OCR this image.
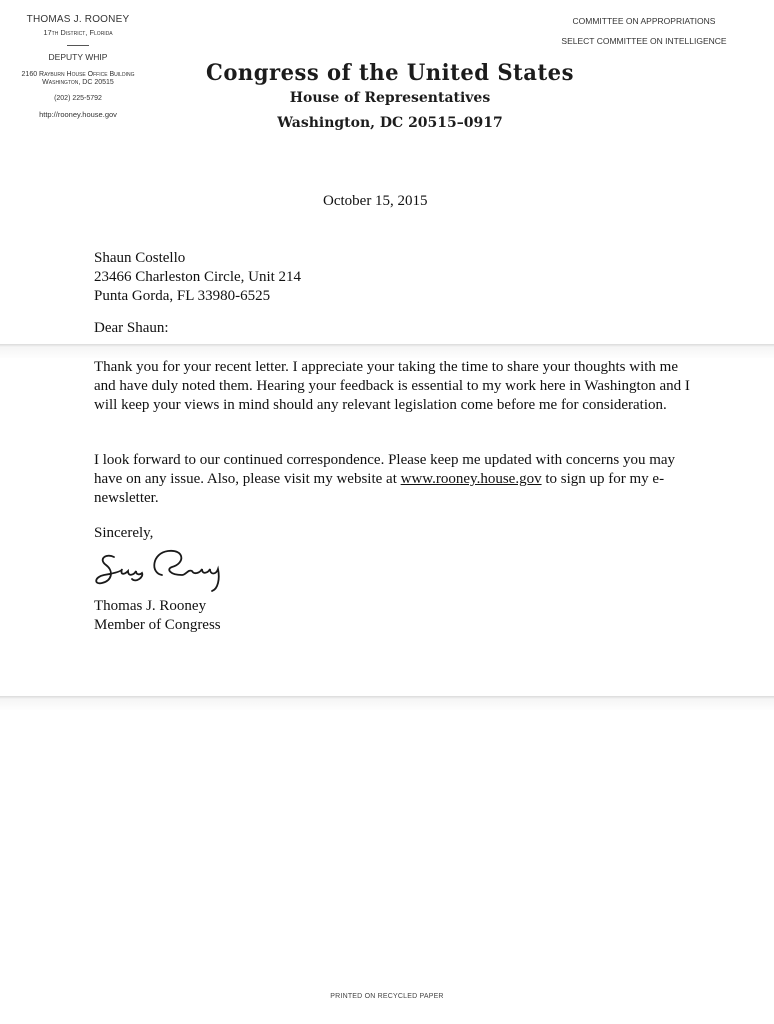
THOMAS J. ROONEY
17th District, Florida
DEPUTY WHIP
2160 Rayburn House Office Building
Washington, DC 20515
(202) 225-5792
http://rooney.house.gov
COMMITTEE ON APPROPRIATIONS
SELECT COMMITTEE ON INTELLIGENCE
Congress of the United States
House of Representatives
Washington, DC 20515–0917
October 15, 2015
Shaun Costello
23466 Charleston Circle, Unit 214
Punta Gorda, FL 33980-6525
Dear Shaun:
Thank you for your recent letter. I appreciate your taking the time to share your thoughts with me and have duly noted them. Hearing your feedback is essential to my work here in Washington and I will keep your views in mind should any relevant legislation come before me for consideration.
I look forward to our continued correspondence. Please keep me updated with concerns you may have on any issue. Also, please visit my website at www.rooney.house.gov to sign up for my e-newsletter.
Sincerely,
Thomas J. Rooney
Member of Congress
PRINTED ON RECYCLED PAPER
